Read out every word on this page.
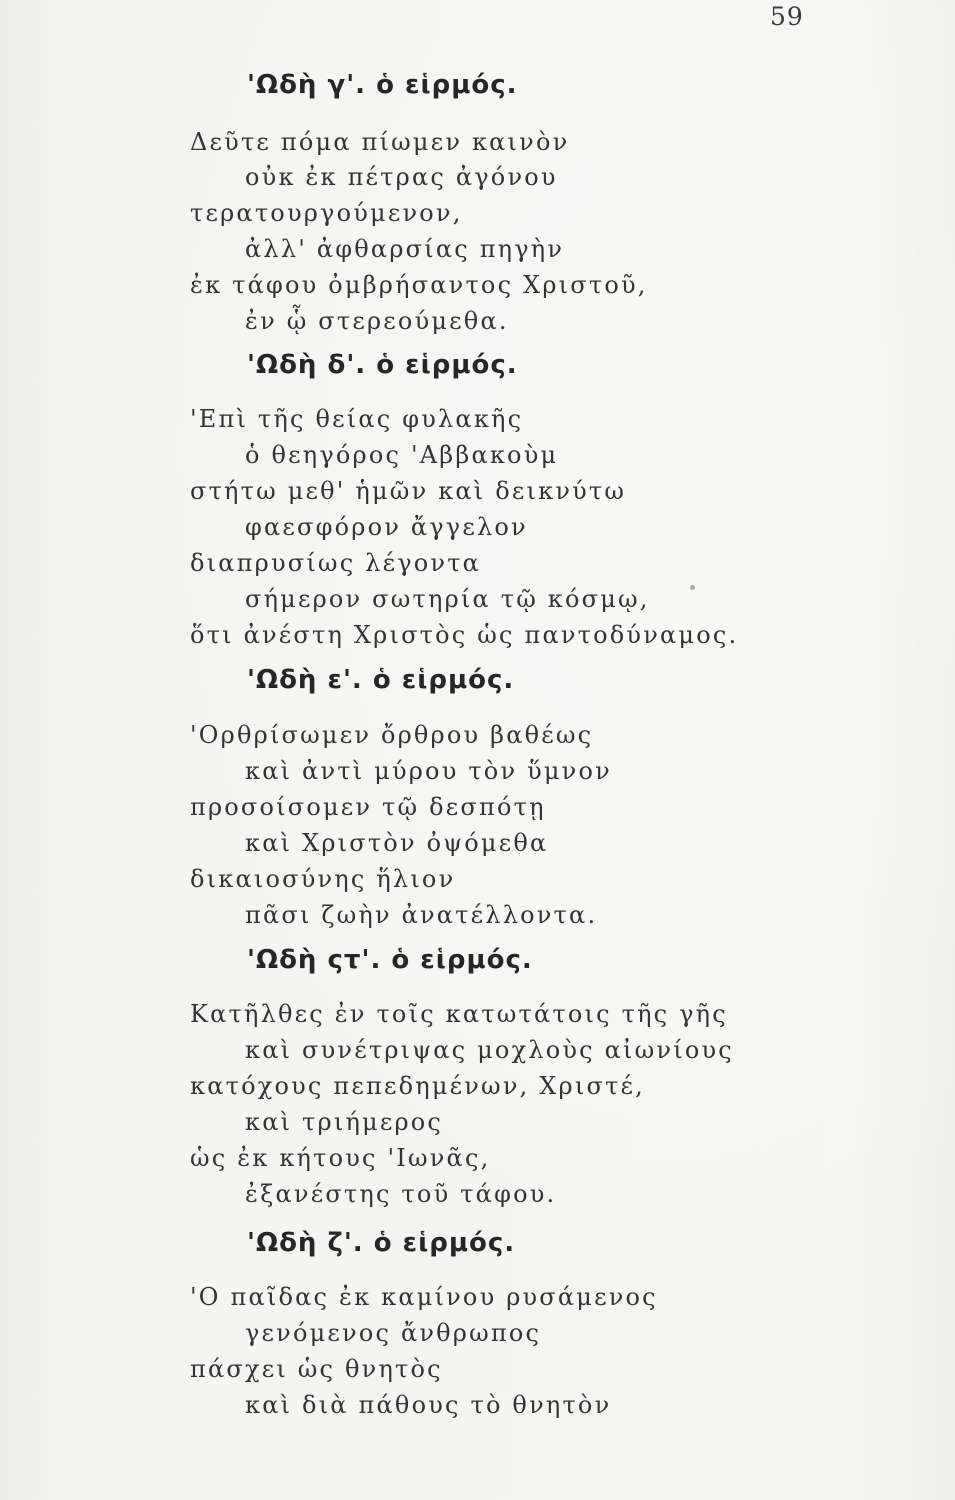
59
'Ωδὴ γ'. ὁ εἱρμός.
Δεῦτε πόμα πίωμεν καινὸν
οὐκ ἐκ πέτρας ἀγόνου
τερατουργούμενον,
ἀλλ' ἀφθαρσίας πηγὴν
ἐκ τάφου ὀμβρήσαντος Χριστοῦ,
ἐν ᾧ στερεούμεθα.
'Ωδὴ δ'. ὁ εἱρμός.
'Επὶ τῆς θείας φυλακῆς
ὁ θεηγόρος 'Αββακοὺμ
στήτω μεθ' ἡμῶν καὶ δεικνύτω
φαεσφόρον ἄγγελον
διαπρυσίως λέγοντα
σήμερον σωτηρία τῷ κόσμῳ,
ὅτι ἀνέστη Χριστὸς ὡς παντοδύναμος.
'Ωδὴ ε'. ὁ εἱρμός.
'Ορθρίσωμεν ὄρθρου βαθέως
καὶ ἀντὶ μύρου τὸν ὕμνον
προσοίσομεν τῷ δεσπότῃ
καὶ Χριστὸν ὀψόμεθα
δικαιοσύνης ἥλιον
πᾶσι ζωὴν ἀνατέλλοντα.
'Ωδὴ ςτ'. ὁ εἱρμός.
Κατῆλθες ἐν τοῖς κατωτάτοις τῆς γῆς
καὶ συνέτριψας μοχλοὺς αἰωνίους
κατόχους πεπεδημένων, Χριστέ,
καὶ τριήμερος
ὡς ἐκ κήτους 'Ιωνᾶς,
ἐξανέστης τοῦ τάφου.
'Ωδὴ ζ'. ὁ εἱρμός.
'Ο παῖδας ἐκ καμίνου ρυσάμενος
γενόμενος ἄνθρωπος
πάσχει ὡς θνητὸς
καὶ διὰ πάθους τὸ θνητὸν
